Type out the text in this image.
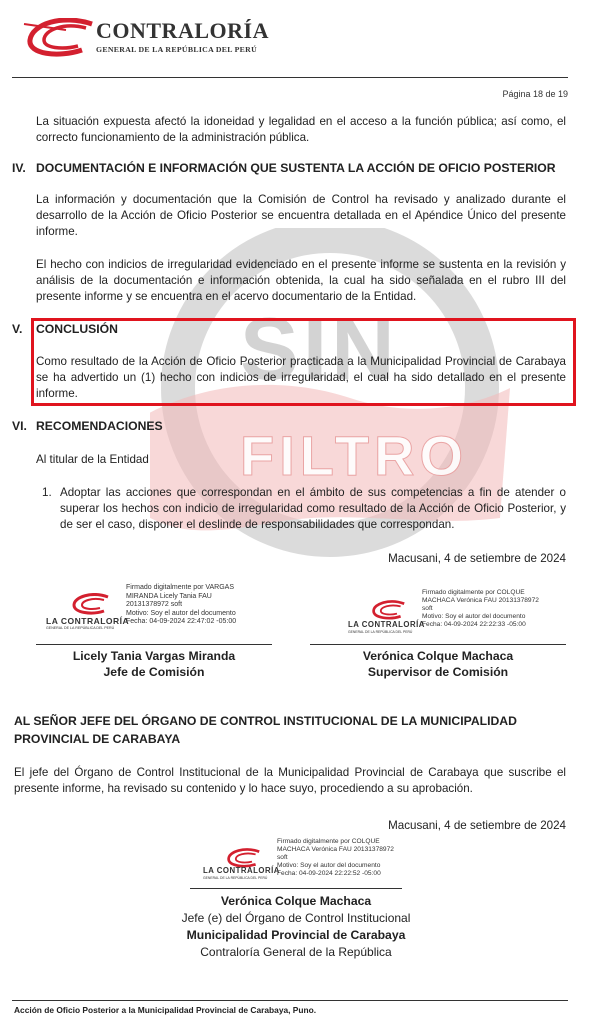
SIN
FILTRO
CONTRALORÍA
GENERAL DE LA REPÚBLICA DEL PERÚ
Página 18 de 19
La situación expuesta afectó la idoneidad y legalidad en el acceso a la función pública; así como, el correcto funcionamiento de la administración pública.
IV. DOCUMENTACIÓN E INFORMACIÓN QUE SUSTENTA LA ACCIÓN DE OFICIO POSTERIOR
La información y documentación que la Comisión de Control ha revisado y analizado durante el desarrollo de la Acción de Oficio Posterior se encuentra detallada en el Apéndice Único del presente informe.
El hecho con indicios de irregularidad evidenciado en el presente informe se sustenta en la revisión y análisis de la documentación e información obtenida, la cual ha sido señalada en el rubro III del presente informe y se encuentra en el acervo documentario de la Entidad.
V. CONCLUSIÓN
Como resultado de la Acción de Oficio Posterior practicada a la Municipalidad Provincial de Carabaya se ha advertido un (1) hecho con indicios de irregularidad, el cual ha sido detallado en el presente informe.
VI. RECOMENDACIONES
Al titular de la Entidad
1. Adoptar las acciones que correspondan en el ámbito de sus competencias a fin de atender o superar los hechos con indicio de irregularidad como resultado de la Acción de Oficio Posterior, y de ser el caso, disponer el deslinde de responsabilidades que correspondan.
Macusani, 4 de setiembre de 2024
LA CONTRALORÍA
GENERAL DE LA REPÚBLICA DEL PERÚ
Firmado digitalmente por VARGAS
MIRANDA Licely Tania FAU
20131378972 soft
Motivo: Soy el autor del documento
Fecha: 04-09-2024 22:47:02 -05:00
Licely Tania Vargas Miranda
Jefe de Comisión
LA CONTRALORÍA
GENERAL DE LA REPÚBLICA DEL PERÚ
Firmado digitalmente por COLQUE
MACHACA Verónica FAU 20131378972
soft
Motivo: Soy el autor del documento
Fecha: 04-09-2024 22:22:33 -05:00
Verónica Colque Machaca
Supervisor de Comisión
AL SEÑOR JEFE DEL ÓRGANO DE CONTROL INSTITUCIONAL DE LA MUNICIPALIDAD PROVINCIAL DE CARABAYA
El jefe del Órgano de Control Institucional de la Municipalidad Provincial de Carabaya que suscribe el presente informe, ha revisado su contenido y lo hace suyo, procediendo a su aprobación.
Macusani, 4 de setiembre de 2024
LA CONTRALORÍA
GENERAL DE LA REPÚBLICA DEL PERÚ
Firmado digitalmente por COLQUE
MACHACA Verónica FAU 20131378972
soft
Motivo: Soy el autor del documento
Fecha: 04-09-2024 22:22:52 -05:00
Verónica Colque Machaca
Jefe (e) del Órgano de Control Institucional
Municipalidad Provincial de Carabaya
Contraloría General de la República
Acción de Oficio Posterior a la Municipalidad Provincial de Carabaya, Puno.
